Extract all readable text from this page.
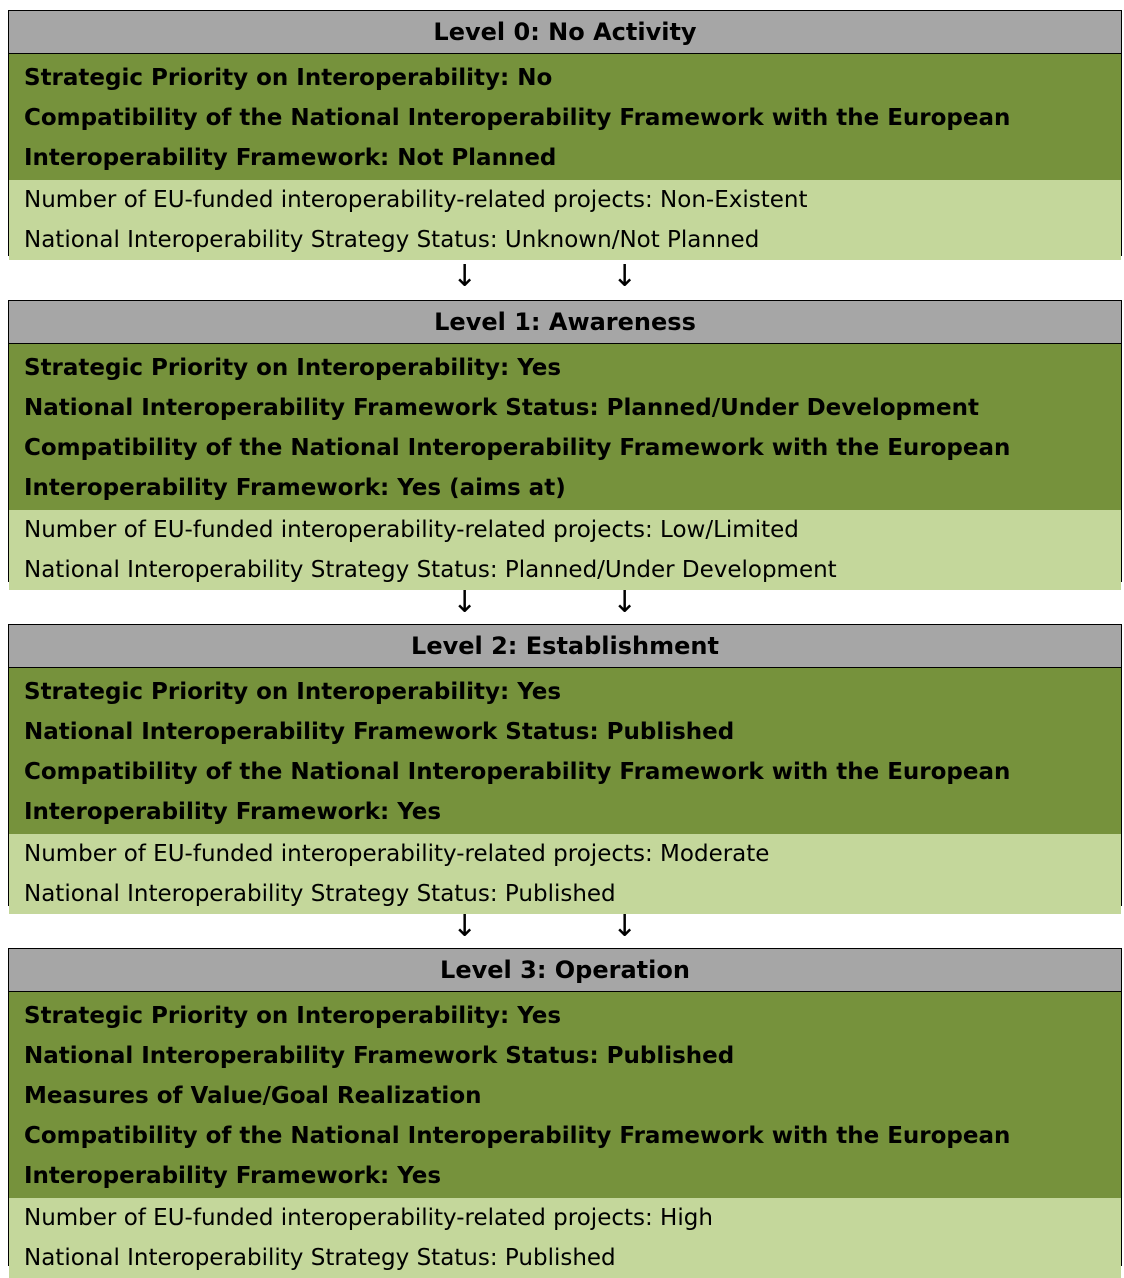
Level 0: No Activity
Strategic Priority on Interoperability: No
Compatibility of the National Interoperability Framework with the European
Interoperability Framework: Not Planned
Number of EU-funded interoperability-related projects: Non-Existent
National Interoperability Strategy Status: Unknown/Not Planned
↓	↓
Level 1: Awareness
Strategic Priority on Interoperability: Yes
National Interoperability Framework Status: Planned/Under Development
Compatibility of the National Interoperability Framework with the European
Interoperability Framework: Yes (aims at)
Number of EU-funded interoperability-related projects: Low/Limited
National Interoperability Strategy Status: Planned/Under Development
↓	↓
Level 2: Establishment
Strategic Priority on Interoperability: Yes
National Interoperability Framework Status: Published
Compatibility of the National Interoperability Framework with the European
Interoperability Framework: Yes
Number of EU-funded interoperability-related projects: Moderate
National Interoperability Strategy Status: Published
↓	↓
Level 3: Operation
Strategic Priority on Interoperability: Yes
National Interoperability Framework Status: Published
Measures of Value/Goal Realization
Compatibility of the National Interoperability Framework with the European
Interoperability Framework: Yes
Number of EU-funded interoperability-related projects: High
National Interoperability Strategy Status: Published
